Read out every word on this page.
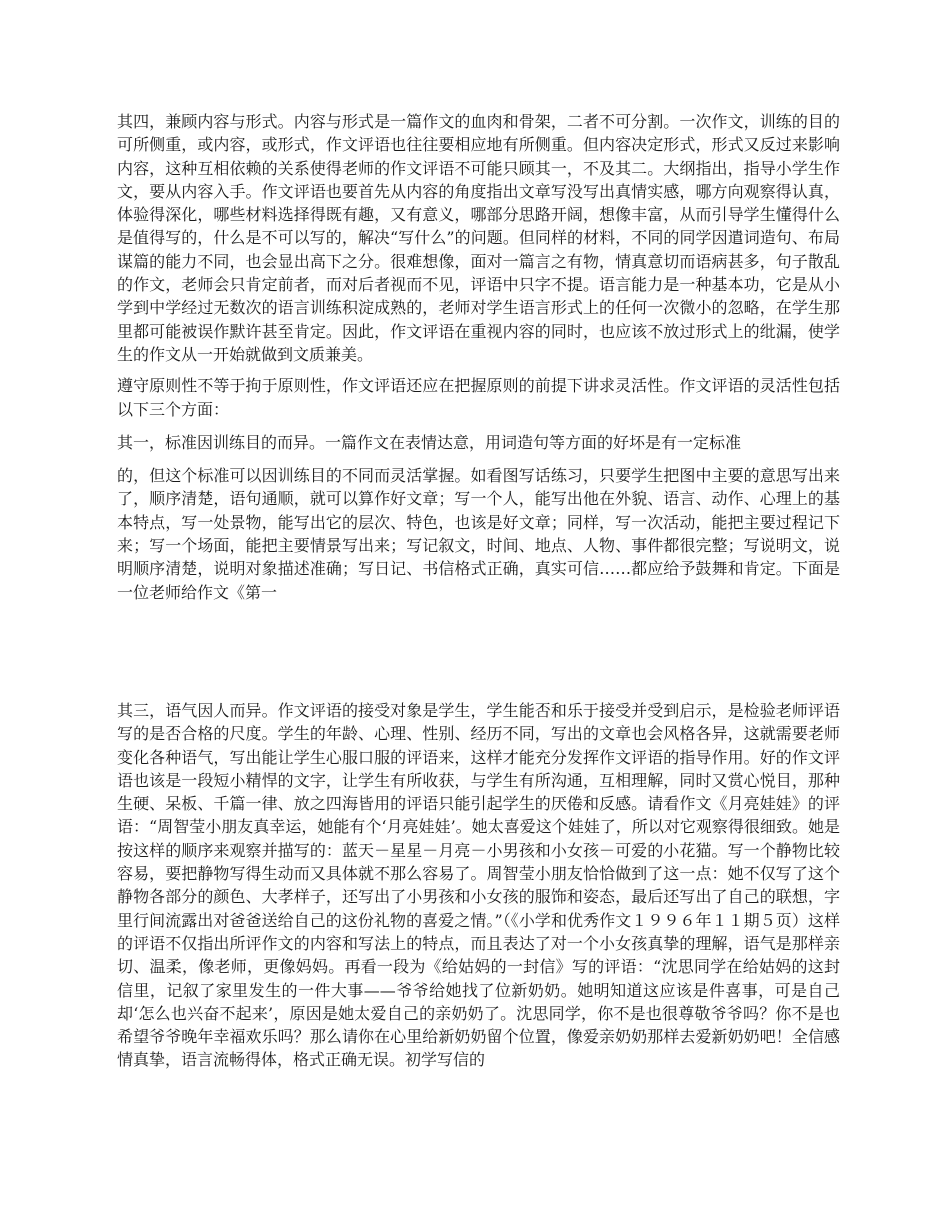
其四，兼顾内容与形式。内容与形式是一篇作文的血肉和骨架，二者不可分割。一次作文，训练的目的可所侧重，或内容，或形式，作文评语也往往要相应地有所侧重。但内容决定形式，形式又反过来影响内容，这种互相依赖的关系使得老师的作文评语不可能只顾其一，不及其二。大纲指出，指导小学生作文，要从内容入手。作文评语也要首先从内容的角度指出文章写没写出真情实感，哪方向观察得认真，体验得深化，哪些材料选择得既有趣，又有意义，哪部分思路开阔，想像丰富，从而引导学生懂得什么是值得写的，什么是不可以写的，解决“写什么”的问题。但同样的材料，不同的同学因遣词造句、布局谋篇的能力不同，也会显出高下之分。很难想像，面对一篇言之有物，情真意切而语病甚多，句子散乱的作文，老师会只肯定前者，而对后者视而不见，评语中只字不提。语言能力是一种基本功，它是从小学到中学经过无数次的语言训练积淀成熟的，老师对学生语言形式上的任何一次微小的忽略，在学生那里都可能被误作默许甚至肯定。因此，作文评语在重视内容的同时，也应该不放过形式上的纰漏，使学生的作文从一开始就做到文质兼美。

遵守原则性不等于拘于原则性，作文评语还应在把握原则的前提下讲求灵活性。作文评语的灵活性包括以下三个方面：

其一，标准因训练目的而异。一篇作文在表情达意，用词造句等方面的好坏是有一定标准

的，但这个标准可以因训练目的不同而灵活掌握。如看图写话练习，只要学生把图中主要的意思写出来了，顺序清楚，语句通顺，就可以算作好文章；写一个人，能写出他在外貌、语言、动作、心理上的基本特点，写一处景物，能写出它的层次、特色，也该是好文章；同样，写一次活动，能把主要过程记下来；写一个场面，能把主要情景写出来；写记叙文，时间、地点、人物、事件都很完整；写说明文，说明顺序清楚，说明对象描述准确；写日记、书信格式正确，真实可信……都应给予鼓舞和肯定。下面是一位老师给作文《第一

其三，语气因人而异。作文评语的接受对象是学生，学生能否和乐于接受并受到启示，是检验老师评语写的是否合格的尺度。学生的年龄、心理、性别、经历不同，写出的文章也会风格各异，这就需要老师变化各种语气，写出能让学生心服口服的评语来，这样才能充分发挥作文评语的指导作用。好的作文评语也该是一段短小精悍的文字，让学生有所收获，与学生有所沟通，互相理解，同时又赏心悦目，那种生硬、呆板、千篇一律、放之四海皆用的评语只能引起学生的厌倦和反感。请看作文《月亮娃娃》的评语：“周智莹小朋友真幸运，她能有个‘月亮娃娃’。她太喜爱这个娃娃了，所以对它观察得很细致。她是按这样的顺序来观察并描写的：蓝天－星星－月亮－小男孩和小女孩－可爱的小花猫。写一个静物比较容易，要把静物写得生动而又具体就不那么容易了。周智莹小朋友恰恰做到了这一点：她不仅写了这个静物各部分的颜色、大孝样子，还写出了小男孩和小女孩的服饰和姿态，最后还写出了自己的联想，字里行间流露出对爸爸送给自己的这份礼物的喜爱之情。”（《小学和优秀作文１９９６年１１期５页）这样的评语不仅指出所评作文的内容和写法上的特点，而且表达了对一个小女孩真挚的理解，语气是那样亲切、温柔，像老师，更像妈妈。再看一段为《给姑妈的一封信》写的评语：“沈思同学在给姑妈的这封信里，记叙了家里发生的一件大事——爷爷给她找了位新奶奶。她明知道这应该是件喜事，可是自己却‘怎么也兴奋不起来’，原因是她太爱自己的亲奶奶了。沈思同学，你不是也很尊敬爷爷吗？你不是也希望爷爷晚年幸福欢乐吗？那么请你在心里给新奶奶留个位置，像爱亲奶奶那样去爱新奶奶吧！全信感情真挚，语言流畅得体，格式正确无误。初学写信的
